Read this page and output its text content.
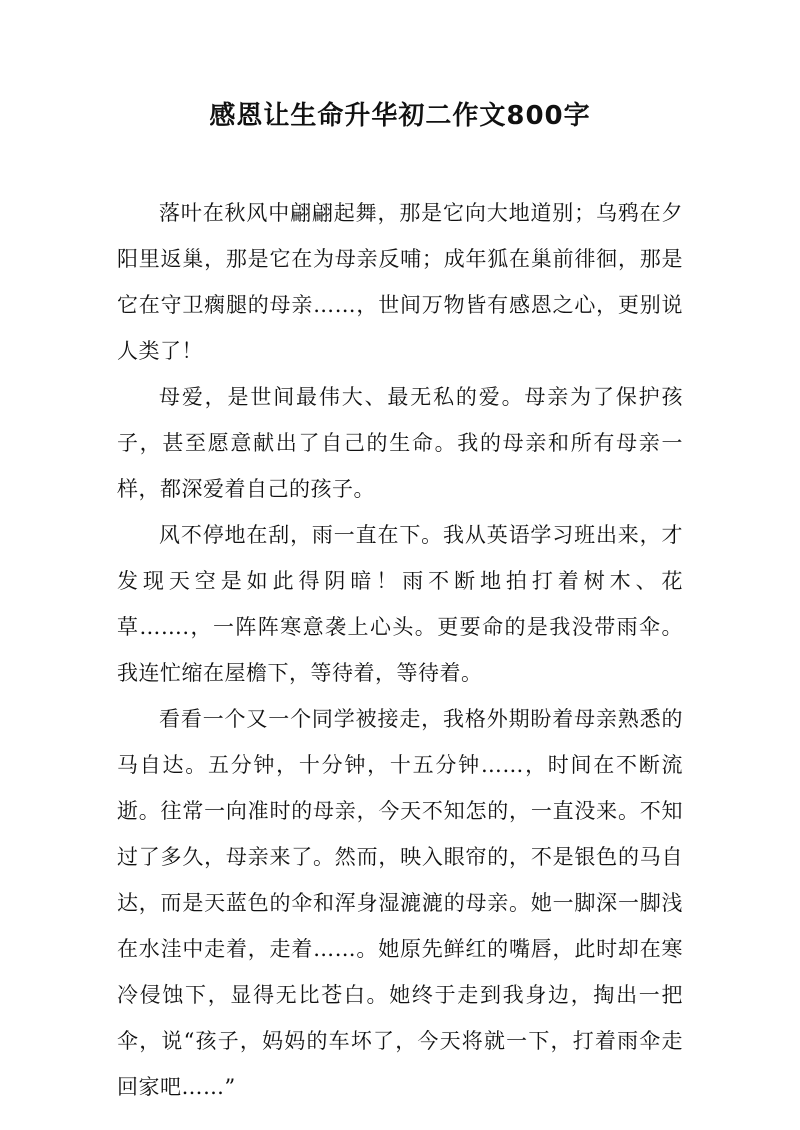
感恩让生命升华初二作文800字

落叶在秋风中翩翩起舞，那是它向大地道别；乌鸦在夕阳里返巢，那是它在为母亲反哺；成年狐在巢前徘徊，那是它在守卫瘸腿的母亲……，世间万物皆有感恩之心，更别说人类了！

母爱，是世间最伟大、最无私的爱。母亲为了保护孩子，甚至愿意献出了自己的生命。我的母亲和所有母亲一样，都深爱着自己的孩子。

风不停地在刮，雨一直在下。我从英语学习班出来，才发现天空是如此得阴暗！雨不断地拍打着树木、花草…….，一阵阵寒意袭上心头。更要命的是我没带雨伞。我连忙缩在屋檐下，等待着，等待着。

看看一个又一个同学被接走，我格外期盼着母亲熟悉的马自达。五分钟，十分钟，十五分钟……，时间在不断流逝。往常一向准时的母亲，今天不知怎的，一直没来。不知过了多久，母亲来了。然而，映入眼帘的，不是银色的马自达，而是天蓝色的伞和浑身湿漉漉的母亲。她一脚深一脚浅在水洼中走着，走着……。她原先鲜红的嘴唇，此时却在寒冷侵蚀下，显得无比苍白。她终于走到我身边，掏出一把伞，说“孩子，妈妈的车坏了，今天将就一下，打着雨伞走回家吧……”
